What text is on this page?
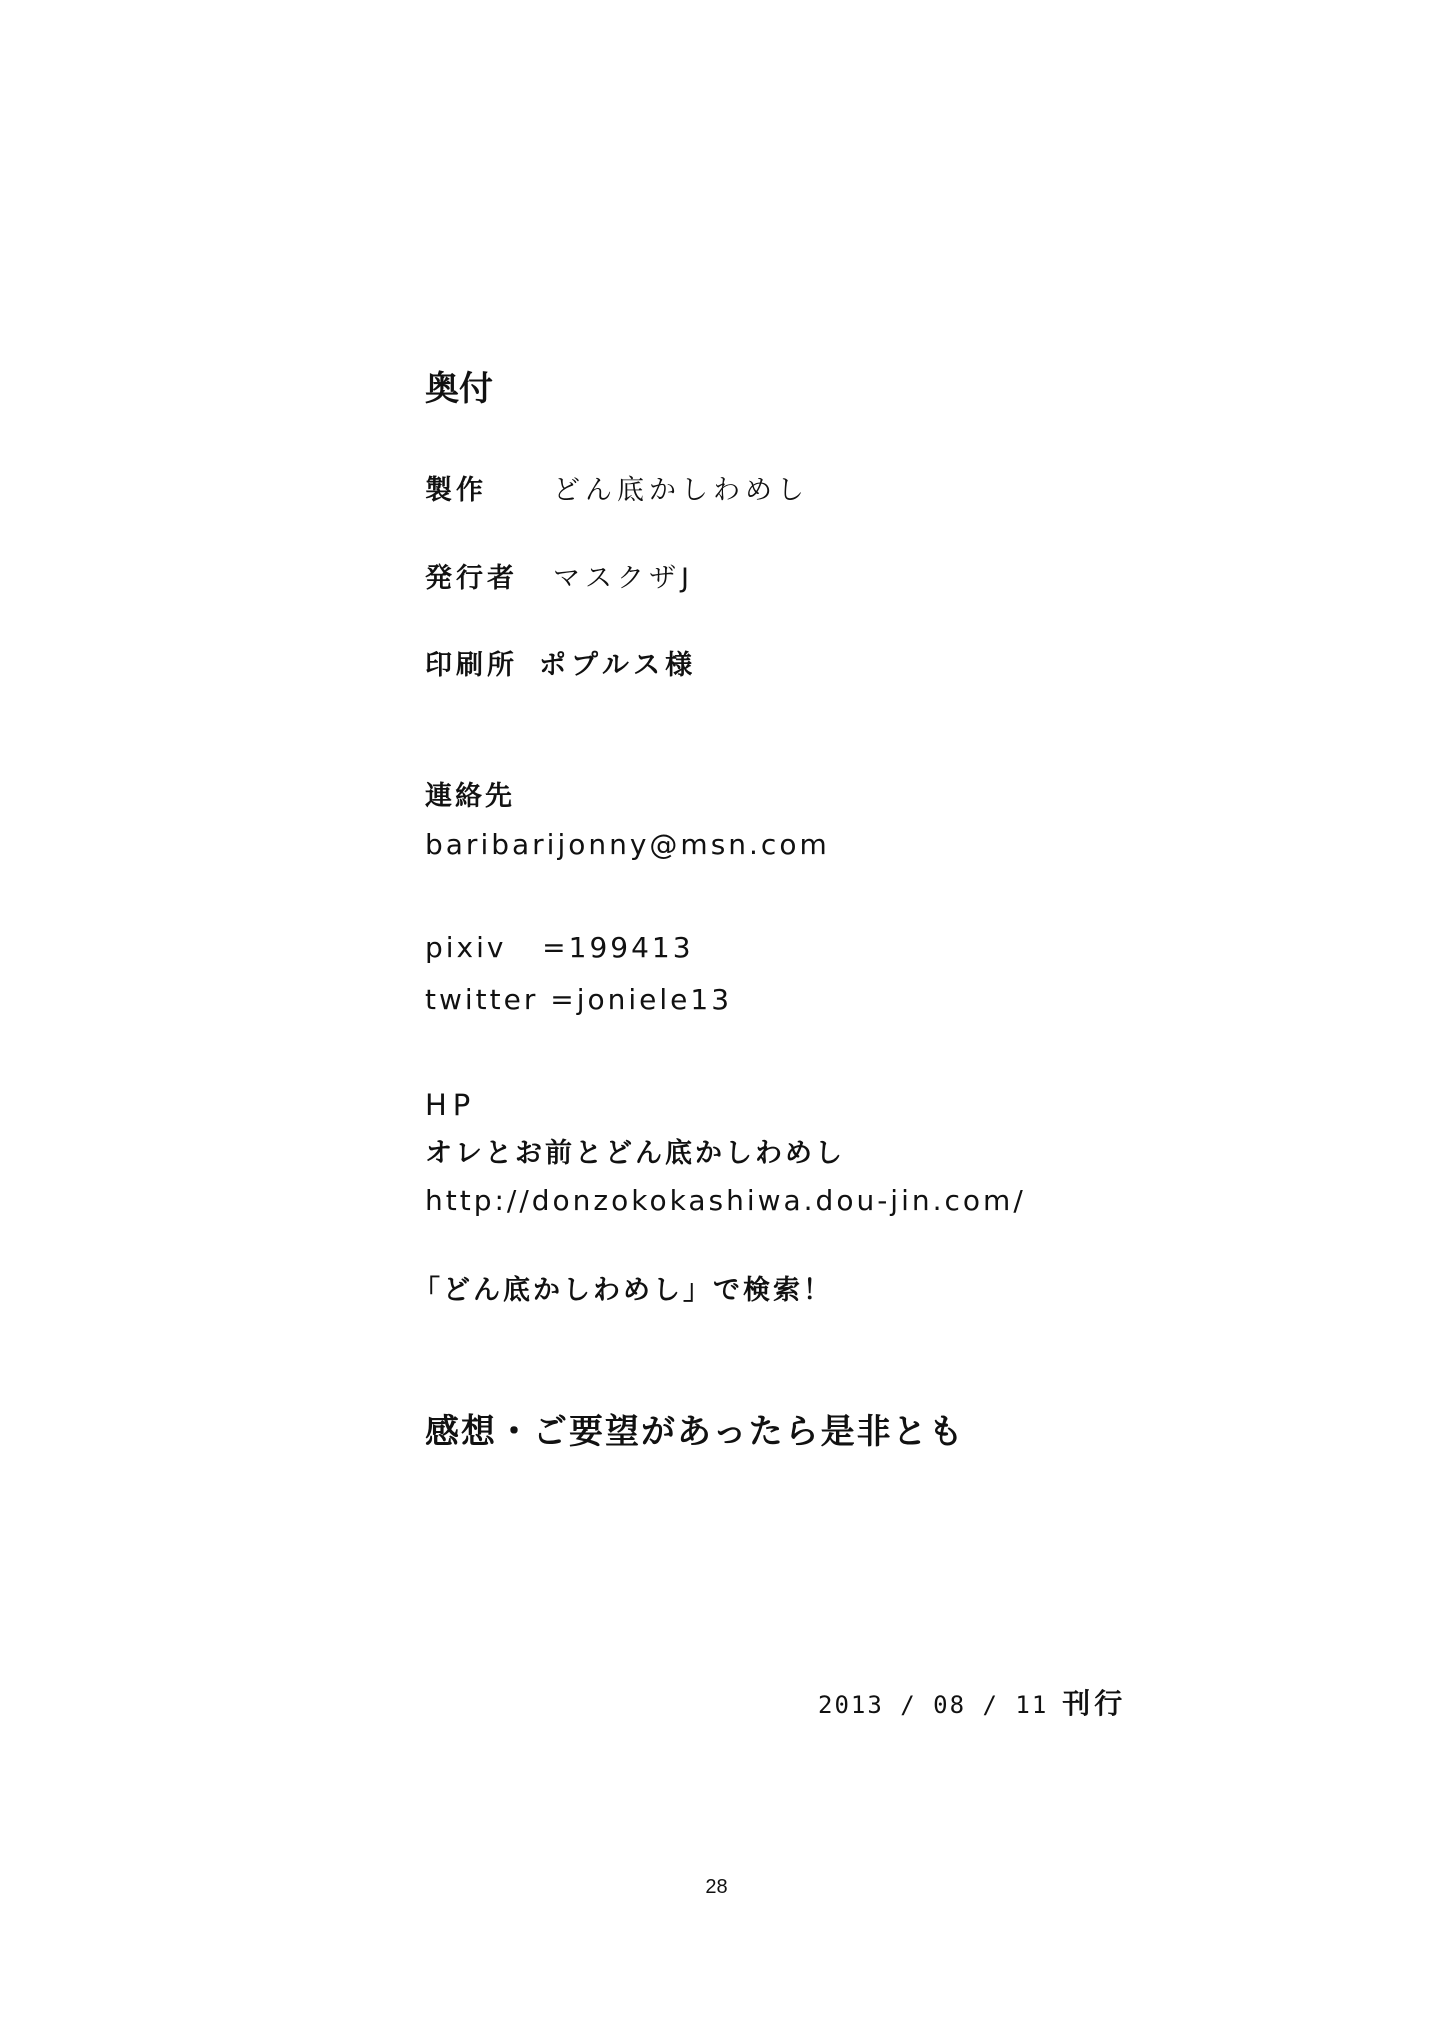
奥付
製作 どん底かしわめし
発行者 マスクザJ
印刷所 ポプルス様
連絡先
baribarijonny@msn.com
pixiv   =199413
twitter =joniele13
HP
オレとお前とどん底かしわめし
http://donzokokashiwa.dou-jin.com/
「どん底かしわめし」で検索！
感想・ご要望があったら是非とも
2013 / 08 / 11 刊行
28
